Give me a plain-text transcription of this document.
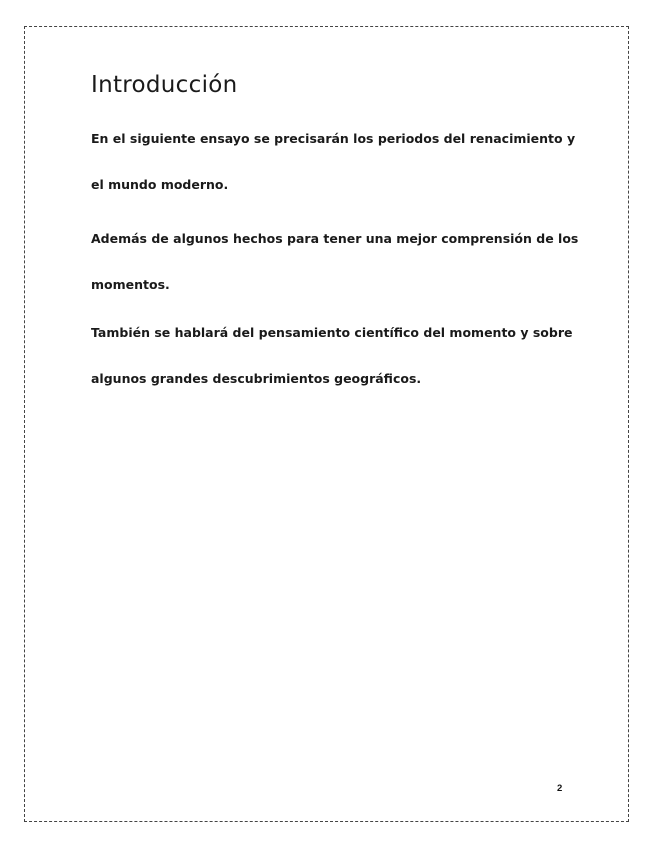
Introducción

En el siguiente ensayo se precisarán los periodos del renacimiento y
el mundo moderno.

Además de algunos hechos para tener una mejor comprensión de los
momentos.

También se hablará del pensamiento científico del momento y sobre
algunos grandes descubrimientos geográficos.

2
